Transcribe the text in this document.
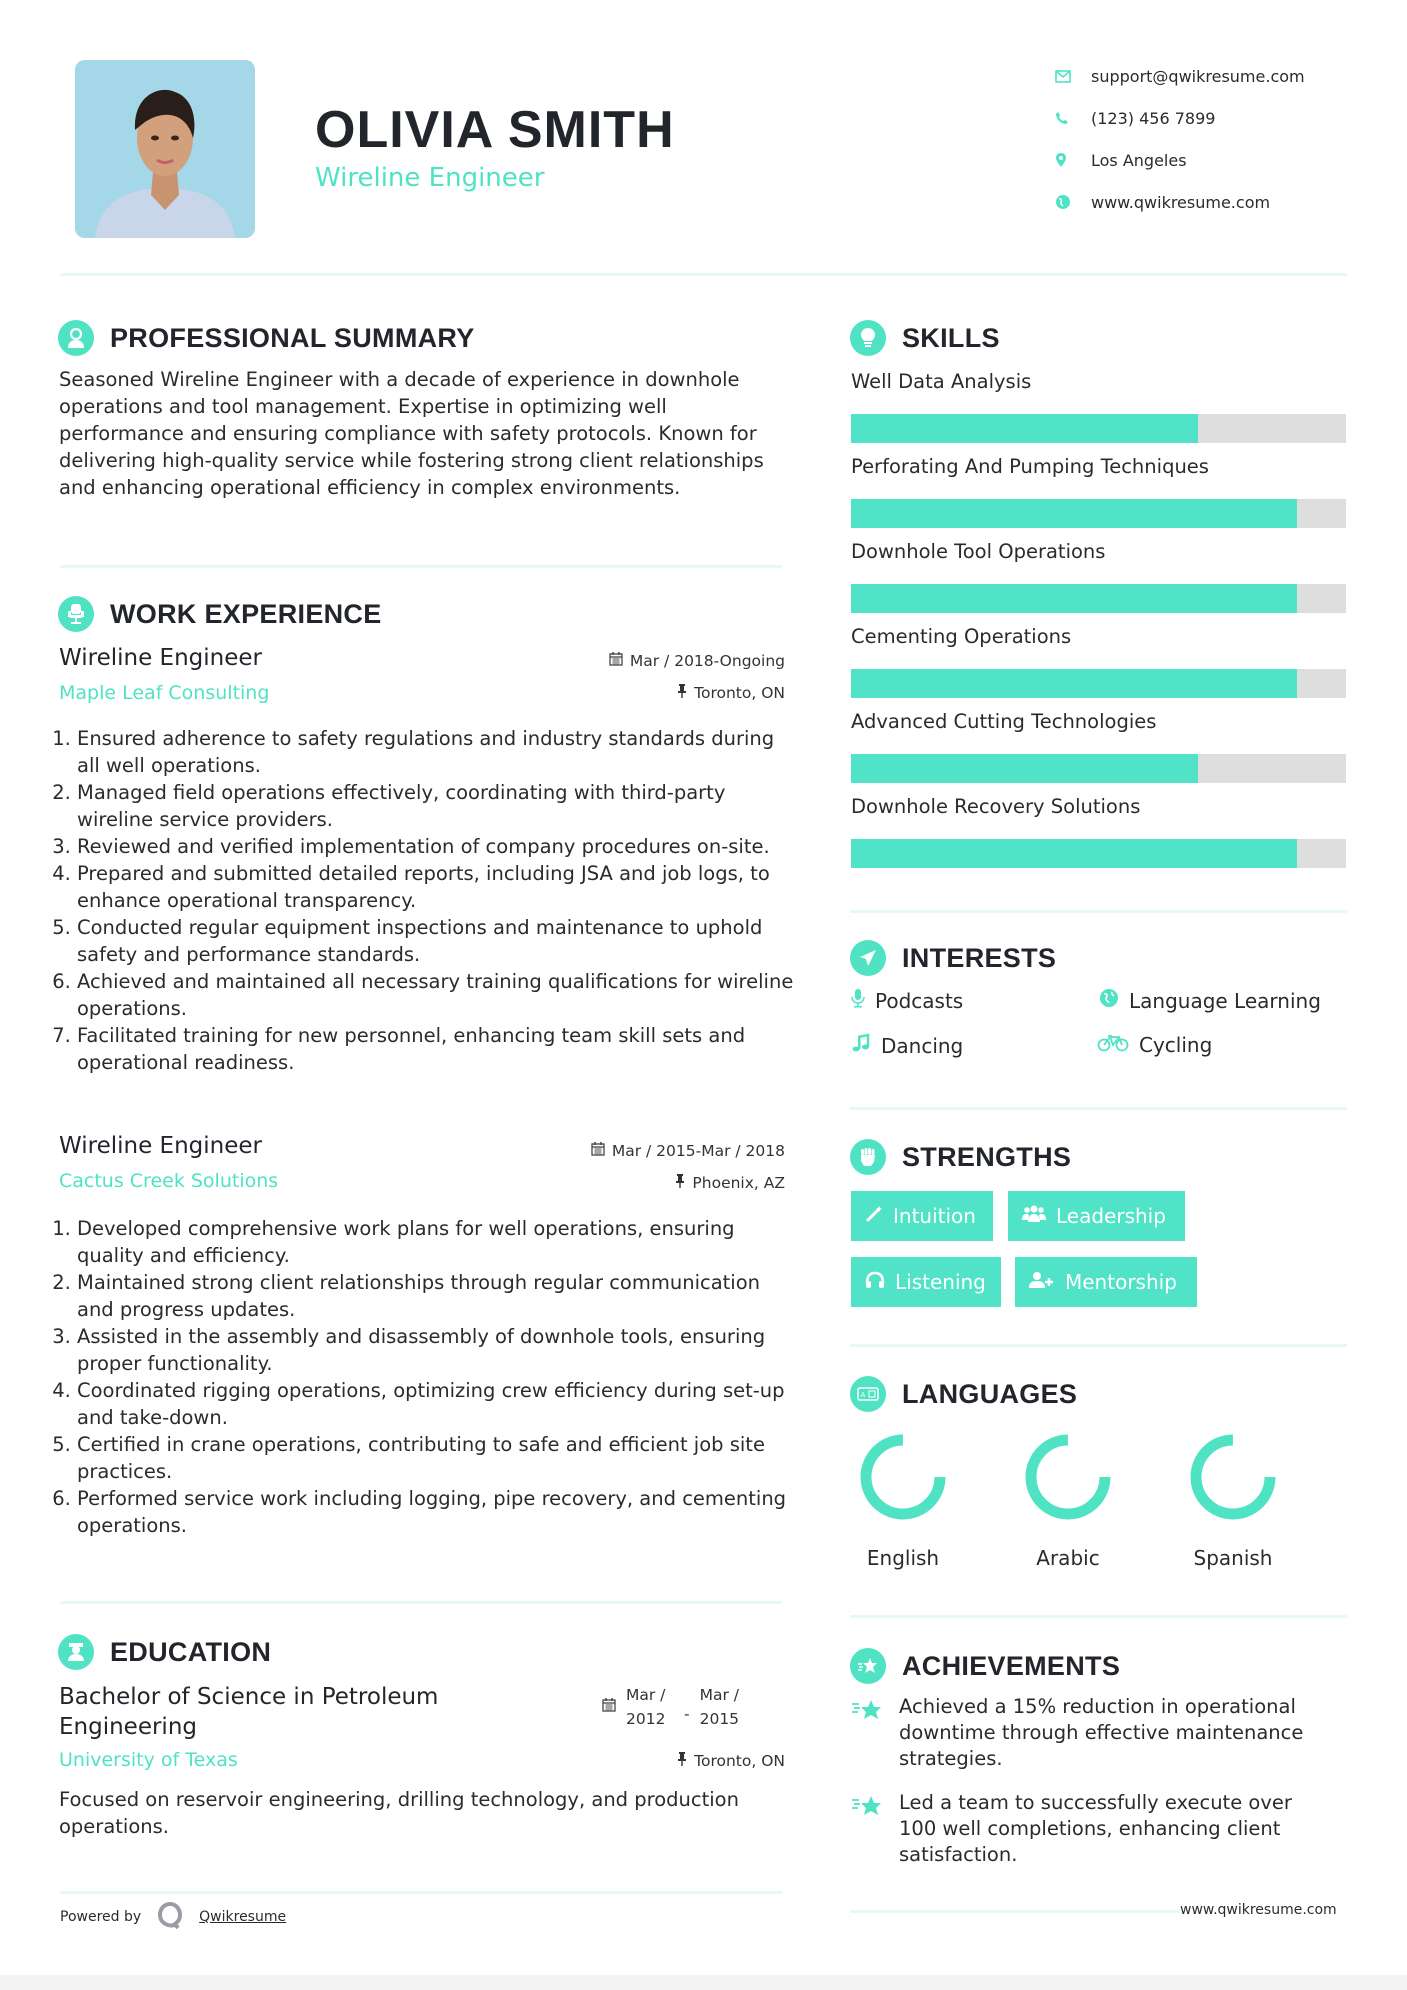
OLIVIA SMITH
Wireline Engineer
support@qwikresume.com
(123) 456 7899
Los Angeles
www.qwikresume.com
PROFESSIONAL SUMMARY
Seasoned Wireline Engineer with a decade of experience in downhole operations and tool management. Expertise in optimizing well performance and ensuring compliance with safety protocols. Known for delivering high-quality service while fostering strong client relationships and enhancing operational efficiency in complex environments.
WORK EXPERIENCE
Wireline Engineer
Maple Leaf Consulting
Mar / 2018-Ongoing
Toronto, ON
1. Ensured adherence to safety regulations and industry standards during all well operations.
2. Managed field operations effectively, coordinating with third-party wireline service providers.
3. Reviewed and verified implementation of company procedures on-site.
4. Prepared and submitted detailed reports, including JSA and job logs, to enhance operational transparency.
5. Conducted regular equipment inspections and maintenance to uphold safety and performance standards.
6. Achieved and maintained all necessary training qualifications for wireline operations.
7. Facilitated training for new personnel, enhancing team skill sets and operational readiness.
Wireline Engineer
Cactus Creek Solutions
Mar / 2015-Mar / 2018
Phoenix, AZ
1. Developed comprehensive work plans for well operations, ensuring quality and efficiency.
2. Maintained strong client relationships through regular communication and progress updates.
3. Assisted in the assembly and disassembly of downhole tools, ensuring proper functionality.
4. Coordinated rigging operations, optimizing crew efficiency during set-up and take-down.
5. Certified in crane operations, contributing to safe and efficient job site practices.
6. Performed service work including logging, pipe recovery, and cementing operations.
EDUCATION
Bachelor of Science in Petroleum Engineering
University of Texas
Mar / 2012	-
Mar / 2015
Toronto, ON
Focused on reservoir engineering, drilling technology, and production operations.
SKILLS
Well Data Analysis
Perforating And Pumping Techniques
Downhole Tool Operations
Cementing Operations
Advanced Cutting Technologies
Downhole Recovery Solutions
INTERESTS
Podcasts	Language Learning
Dancing	Cycling
STRENGTHS
Intuition	Leadership
Listening	Mentorship
A LANGUAGES
English	Arabic	Spanish
ACHIEVEMENTS
Achieved a 15% reduction in operational downtime through effective maintenance strategies.
Led a team to successfully execute over 100 well completions, enhancing client satisfaction.
Powered by	Qwikresume	www.qwikresume.com
